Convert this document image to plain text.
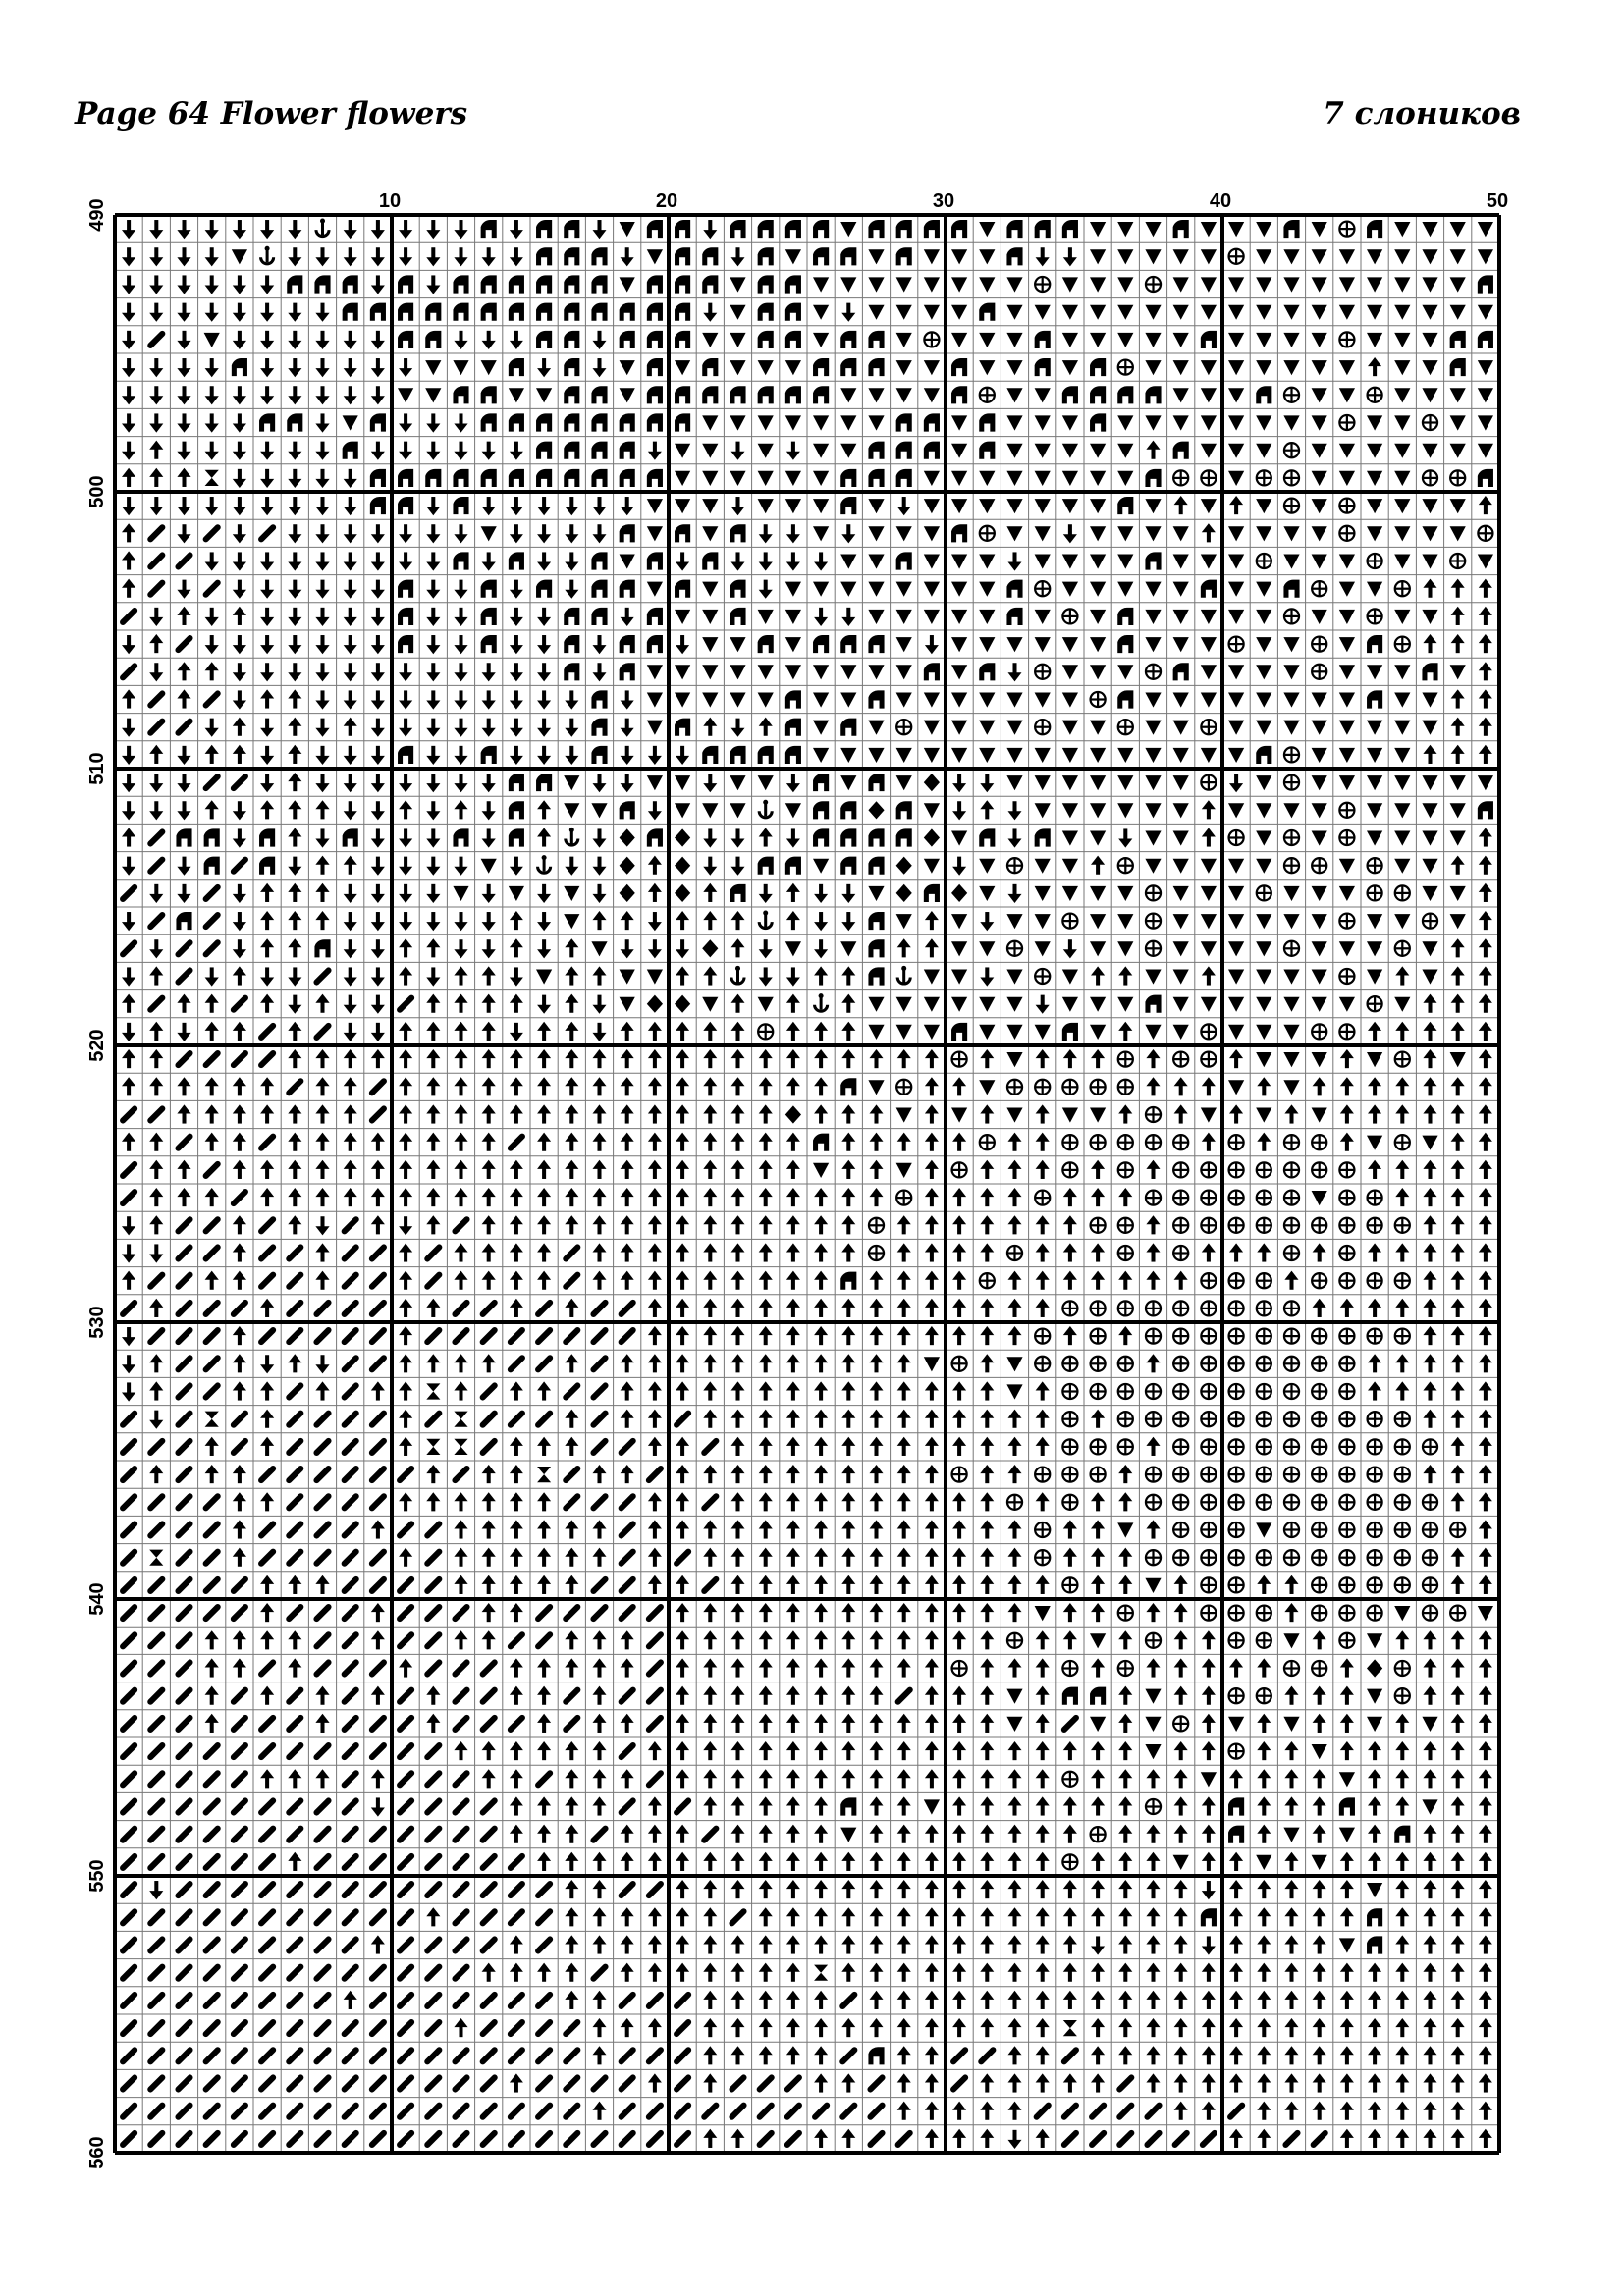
Page 64 Flower flowers	7 слоников
10	20	30	40	50
490
500
510
520
530
540
550
560
